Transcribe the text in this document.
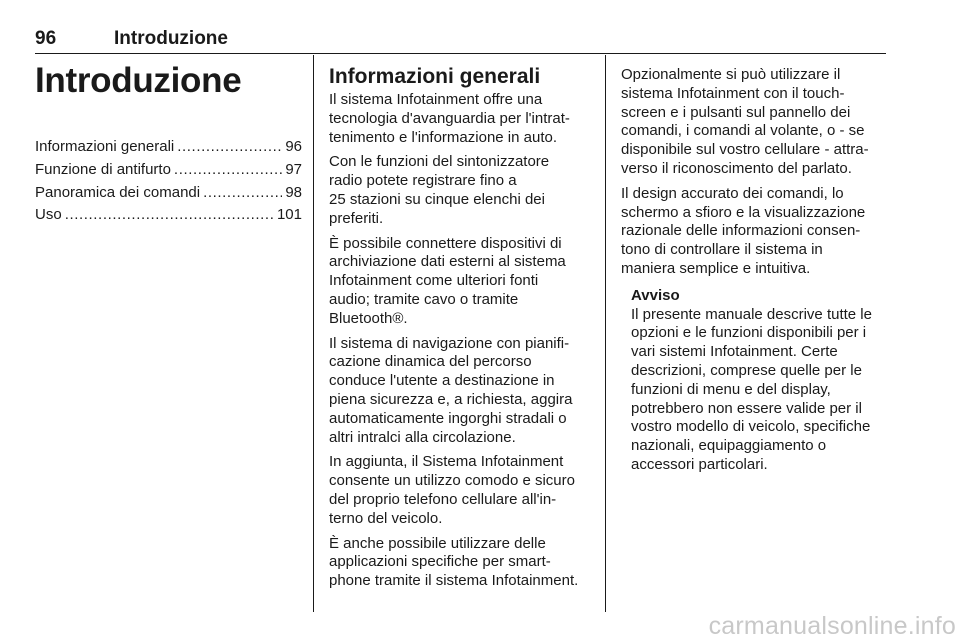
96	Introduzione
Introduzione
Informazioni generali .....	96
Funzione di antifurto .....	97
Panoramica dei comandi .....	98
Uso .....	101
Informazioni generali

Il sistema Infotainment offre una
tecnologia d'avanguardia per l'intrat-
tenimento e l'informazione in auto.

Con le funzioni del sintonizzatore
radio potete registrare fino a
25 stazioni su cinque elenchi dei
preferiti.

È possibile connettere dispositivi di
archiviazione dati esterni al sistema
Infotainment come ulteriori fonti
audio; tramite cavo o tramite
Bluetooth®.

Il sistema di navigazione con pianifi-
cazione dinamica del percorso
conduce l'utente a destinazione in
piena sicurezza e, a richiesta, aggira
automaticamente ingorghi stradali o
altri intralci alla circolazione.

In aggiunta, il Sistema Infotainment
consente un utilizzo comodo e sicuro
del proprio telefono cellulare all'in-
terno del veicolo.

È anche possibile utilizzare delle
applicazioni specifiche per smart-
phone tramite il sistema Infotainment.

Opzionalmente si può utilizzare il
sistema Infotainment con il touch-
screen e i pulsanti sul pannello dei
comandi, i comandi al volante, o - se
disponibile sul vostro cellulare - attra-
verso il riconoscimento del parlato.

Il design accurato dei comandi, lo
schermo a sfioro e la visualizzazione
razionale delle informazioni consen-
tono di controllare il sistema in
maniera semplice e intuitiva.

Avviso
Il presente manuale descrive tutte le
opzioni e le funzioni disponibili per i
vari sistemi Infotainment. Certe
descrizioni, comprese quelle per le
funzioni di menu e del display,
potrebbero non essere valide per il
vostro modello di veicolo, specifiche
nazionali, equipaggiamento o
accessori particolari.
carmanualsonline.info
